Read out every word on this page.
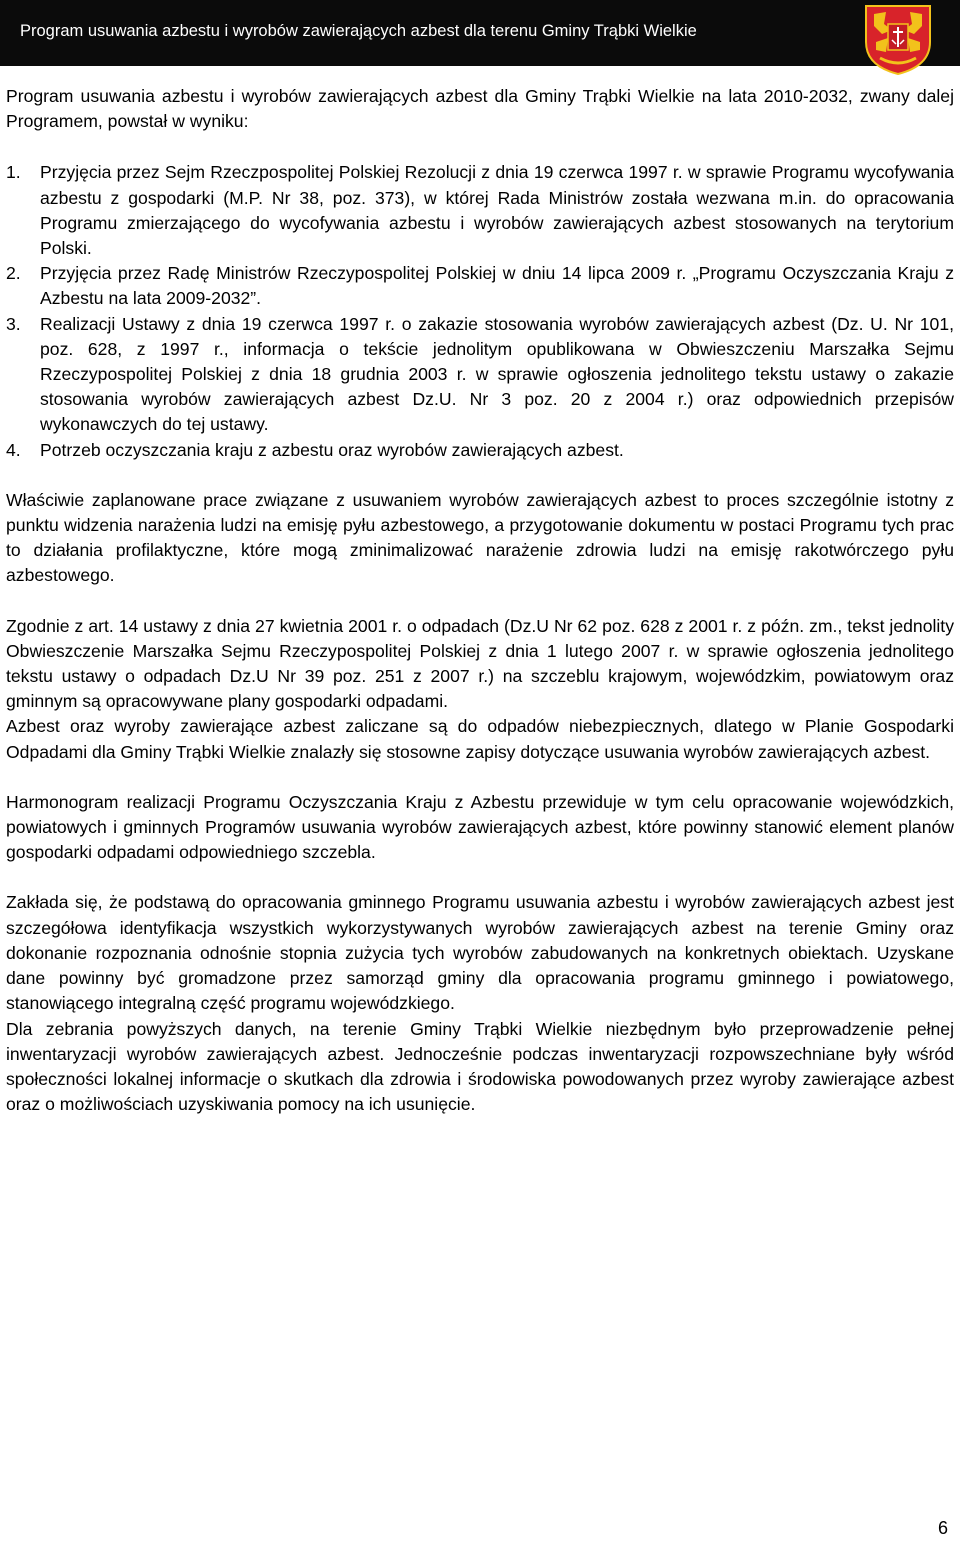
Program usuwania azbestu i wyrobów zawierających azbest dla terenu Gminy Trąbki Wielkie

Program usuwania azbestu i wyrobów zawierających azbest dla Gminy Trąbki Wielkie na lata 2010-2032, zwany dalej Programem, powstał w wyniku:

1.	Przyjęcia przez Sejm Rzeczpospolitej Polskiej Rezolucji z dnia 19 czerwca 1997 r. w sprawie Programu wycofywania azbestu z gospodarki (M.P. Nr 38, poz. 373), w której Rada Ministrów została wezwana m.in. do opracowania Programu zmierzającego do wycofywania azbestu i wyrobów zawierających azbest stosowanych na terytorium Polski.
2.	Przyjęcia przez Radę Ministrów Rzeczypospolitej Polskiej w dniu 14 lipca 2009 r. „Programu Oczyszczania Kraju z Azbestu na lata 2009-2032”.
3.	Realizacji Ustawy z dnia 19 czerwca 1997 r. o zakazie stosowania wyrobów zawierających azbest (Dz. U. Nr 101, poz. 628, z 1997 r., informacja o tekście jednolitym opublikowana w Obwieszczeniu Marszałka Sejmu Rzeczypospolitej Polskiej z dnia 18 grudnia 2003 r. w sprawie ogłoszenia jednolitego tekstu ustawy o zakazie stosowania wyrobów zawierających azbest Dz.U. Nr 3 poz. 20 z 2004 r.) oraz odpowiednich przepisów wykonawczych do tej ustawy.
4.	Potrzeb oczyszczania kraju z azbestu oraz wyrobów zawierających azbest.

Właściwie zaplanowane prace związane z usuwaniem wyrobów zawierających azbest to proces szczególnie istotny z punktu widzenia narażenia ludzi na emisję pyłu azbestowego, a przygotowanie dokumentu w postaci Programu tych prac to działania profilaktyczne, które mogą zminimalizować narażenie zdrowia ludzi na emisję rakotwórczego pyłu azbestowego.

Zgodnie z art. 14 ustawy z dnia 27 kwietnia 2001 r. o odpadach (Dz.U Nr 62 poz. 628 z 2001 r. z późn. zm., tekst jednolity Obwieszczenie Marszałka Sejmu Rzeczypospolitej Polskiej z dnia 1 lutego 2007 r. w sprawie ogłoszenia jednolitego tekstu ustawy o odpadach Dz.U Nr 39 poz. 251 z 2007 r.) na szczeblu krajowym, wojewódzkim, powiatowym oraz gminnym są opracowywane plany gospodarki odpadami.

Azbest oraz wyroby zawierające azbest zaliczane są do odpadów niebezpiecznych, dlatego w Planie Gospodarki Odpadami dla Gminy Trąbki Wielkie znalazły się stosowne zapisy dotyczące usuwania wyrobów zawierających azbest.

Harmonogram realizacji Programu Oczyszczania Kraju z Azbestu przewiduje w tym celu opracowanie wojewódzkich, powiatowych i gminnych Programów usuwania wyrobów zawierających azbest, które powinny stanowić element planów gospodarki odpadami odpowiedniego szczebla.

Zakłada się, że podstawą do opracowania gminnego Programu usuwania azbestu i wyrobów zawierających azbest jest szczegółowa identyfikacja wszystkich wykorzystywanych wyrobów zawierających azbest na terenie Gminy oraz dokonanie rozpoznania odnośnie stopnia zużycia tych wyrobów zabudowanych na konkretnych obiektach. Uzyskane dane powinny być gromadzone przez samorząd gminy dla opracowania programu gminnego i powiatowego, stanowiącego integralną część programu wojewódzkiego.

Dla zebrania powyższych danych, na terenie Gminy Trąbki Wielkie niezbędnym było przeprowadzenie pełnej inwentaryzacji wyrobów zawierających azbest. Jednocześnie podczas inwentaryzacji rozpowszechniane były wśród społeczności lokalnej informacje o skutkach dla zdrowia i środowiska powodowanych przez wyroby zawierające azbest oraz o możliwościach uzyskiwania pomocy na ich usunięcie.

6
